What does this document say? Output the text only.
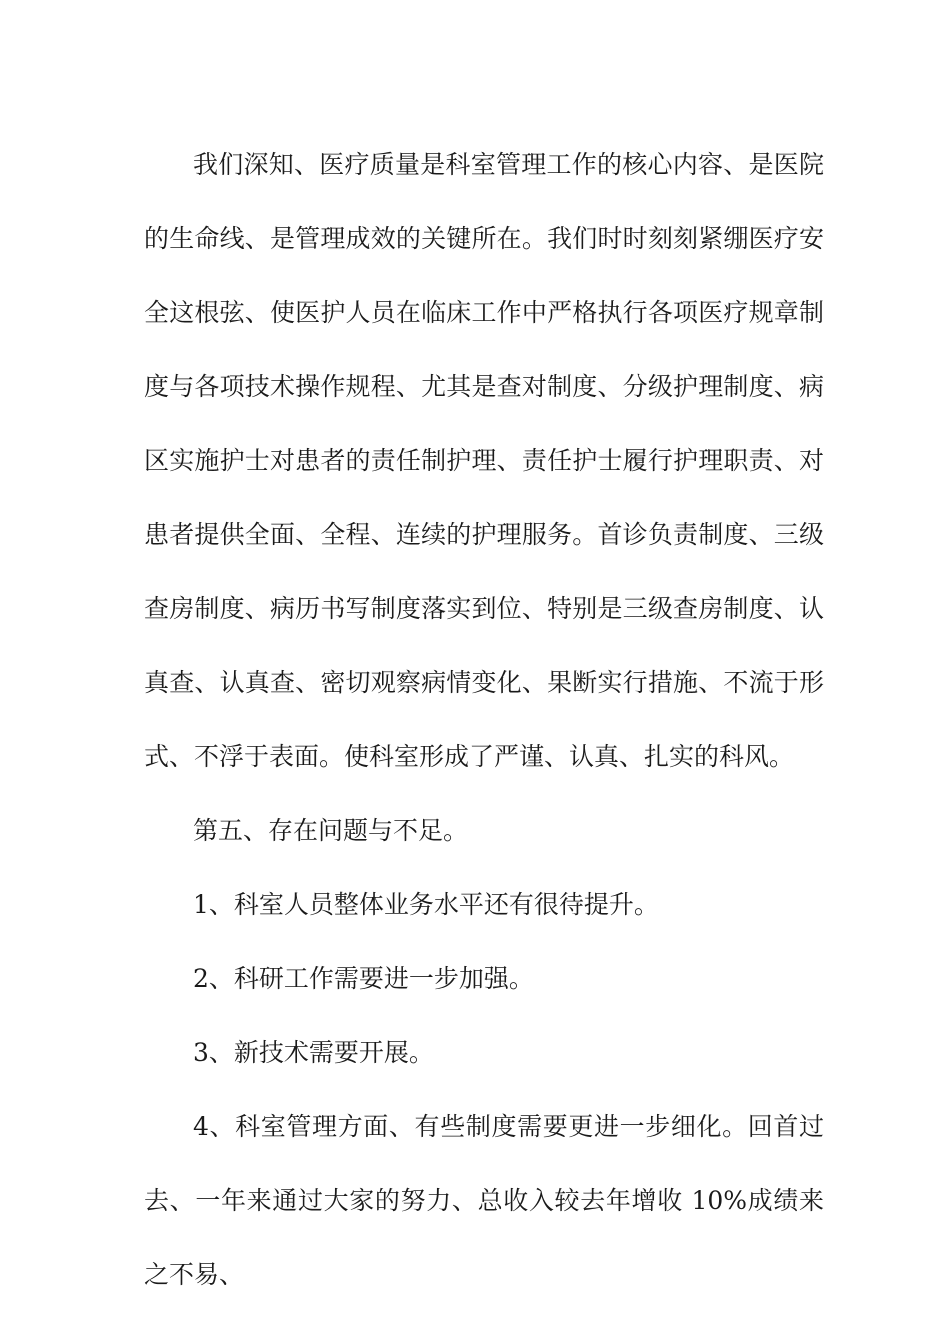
我们深知、医疗质量是科室管理工作的核心内容、是医院的生命线、是管理成效的关键所在。我们时时刻刻紧绷医疗安全这根弦、使医护人员在临床工作中严格执行各项医疗规章制度与各项技术操作规程、尤其是查对制度、分级护理制度、病区实施护士对患者的责任制护理、责任护士履行护理职责、对患者提供全面、全程、连续的护理服务。首诊负责制度、三级查房制度、病历书写制度落实到位、特别是三级查房制度、认真查、认真查、密切观察病情变化、果断实行措施、不流于形式、不浮于表面。使科室形成了严谨、认真、扎实的科风。

第五、存在问题与不足。

1、科室人员整体业务水平还有很待提升。

2、科研工作需要进一步加强。

3、新技术需要开展。

4、科室管理方面、有些制度需要更进一步细化。回首过去、一年来通过大家的努力、总收入较去年增收 10%成绩来之不易、
